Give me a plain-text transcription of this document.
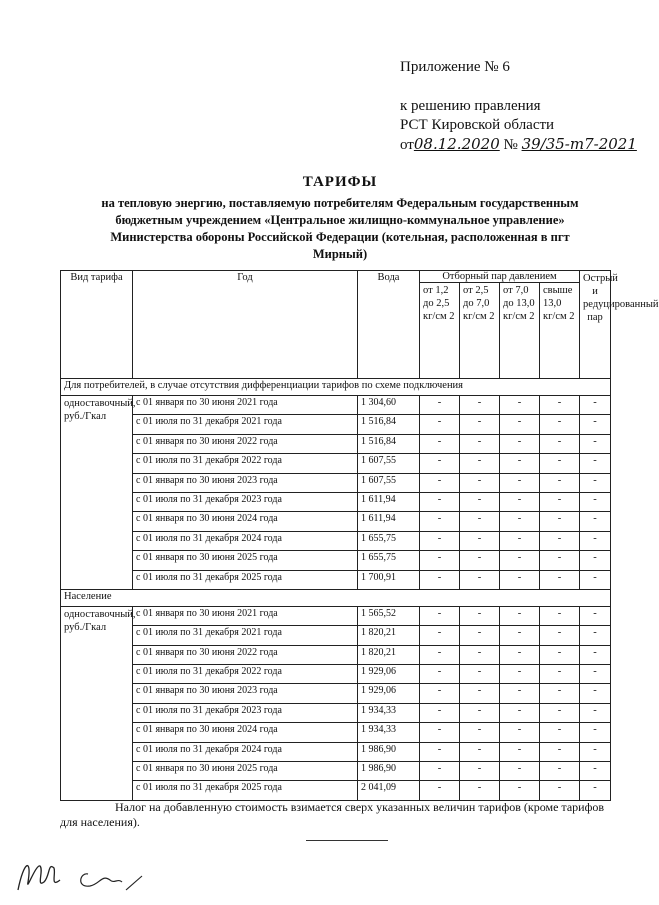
Приложение № 6
к решению правления
РСТ Кировской области
от08.12.2020 № 39/35-т7-2021
ТАРИФЫ
на тепловую энергию, поставляемую потребителям Федеральным государственным бюджетным учреждением «Центральное жилищно-коммунальное управление» Министерства обороны Российской Федерации (котельная, расположенная в пгт Мирный)
Вид тарифа	Год	Вода	Отборный пар давлением				Острый и редуцированный пар
			от 1,2 до 2,5 кг/см 2	от 2,5 до 7,0 кг/см 2	от 7,0 до 13,0 кг/см 2	свыше 13,0 кг/см 2	
Для потребителей, в случае отсутствия дифференциации тарифов по схеме подключения							
одноставочный, руб./Гкал	с 01 января по 30 июня 2021 года	1 304,60	-	-	-	-	-
	с 01 июля по 31 декабря 2021 года	1 516,84	-	-	-	-	-
	с 01 января по 30 июня 2022 года	1 516,84	-	-	-	-	-
	с 01 июля по 31 декабря 2022 года	1 607,55	-	-	-	-	-
	с 01 января по 30 июня 2023 года	1 607,55	-	-	-	-	-
	с 01 июля по 31 декабря 2023 года	1 611,94	-	-	-	-	-
	с 01 января по 30 июня 2024 года	1 611,94	-	-	-	-	-
	с 01 июля по 31 декабря 2024 года	1 655,75	-	-	-	-	-
	с 01 января по 30 июня 2025 года	1 655,75	-	-	-	-	-
	с 01 июля по 31 декабря 2025 года	1 700,91	-	-	-	-	-
Население							
одноставочный, руб./Гкал	с 01 января по 30 июня 2021 года	1 565,52	-	-	-	-	-
	с 01 июля по 31 декабря 2021 года	1 820,21	-	-	-	-	-
	с 01 января по 30 июня 2022 года	1 820,21	-	-	-	-	-
	с 01 июля по 31 декабря 2022 года	1 929,06	-	-	-	-	-
	с 01 января по 30 июня 2023 года	1 929,06	-	-	-	-	-
	с 01 июля по 31 декабря 2023 года	1 934,33	-	-	-	-	-
	с 01 января по 30 июня 2024 года	1 934,33	-	-	-	-	-
	с 01 июля по 31 декабря 2024 года	1 986,90	-	-	-	-	-
	с 01 января по 30 июня 2025 года	1 986,90	-	-	-	-	-
	с 01 июля по 31 декабря 2025 года	2 041,09	-	-	-	-	-
Налог на добавленную стоимость взимается сверх указанных величин тарифов (кроме тарифов для населения).
